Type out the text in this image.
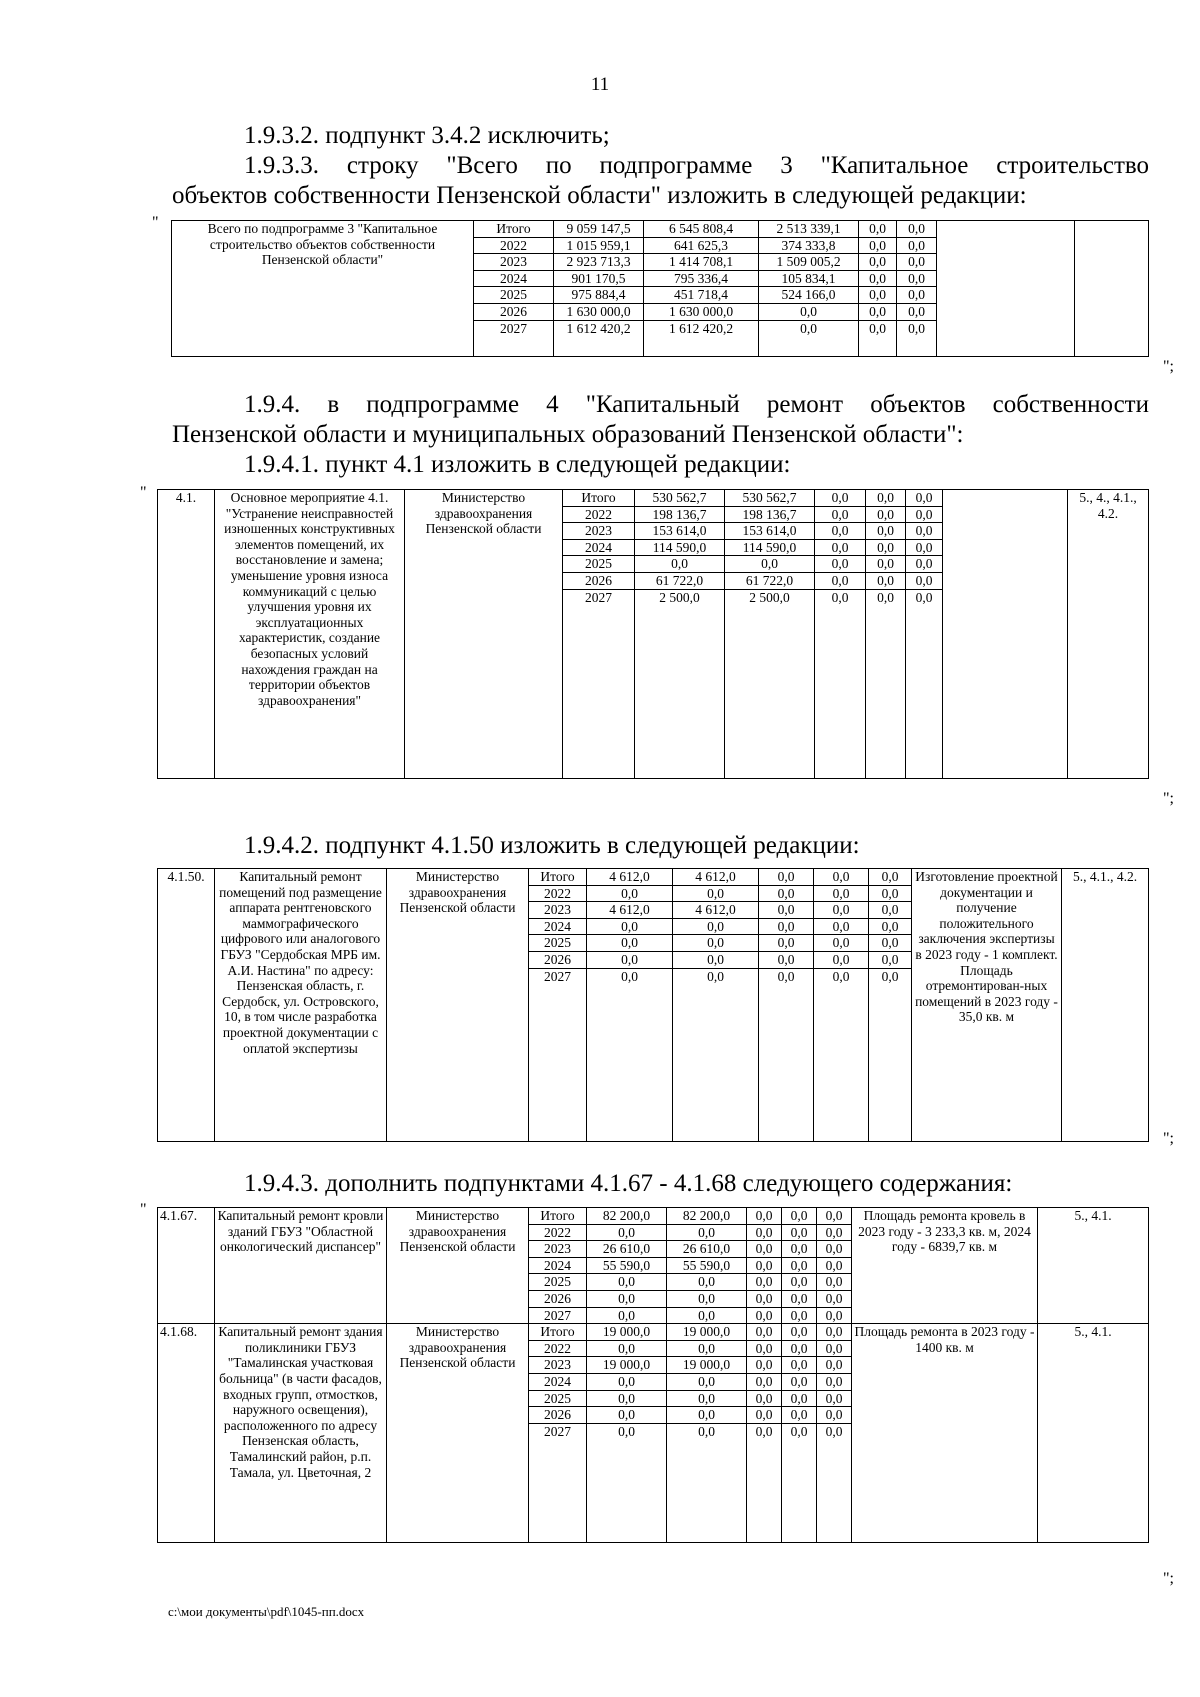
11
1.9.3.2. подпункт 3.4.2 исключить;
1.9.3.3. строку "Всего по подпрограмме 3 "Капитальное строительство
объектов собственности Пензенской области" изложить в следующей редакции:
"	Всего по подпрограмме 3 "Капитальное строительство объектов собственности Пензенской области"	Итого	9 059 147,5	6 545 808,4	2 513 339,1	0,0	0,0		
	2022	1 015 959,1	641 625,3	374 333,8	0,0	0,0		
	2023	2 923 713,3	1 414 708,1	1 509 005,2	0,0	0,0		
	2024	901 170,5	795 336,4	105 834,1	0,0	0,0		
	2025	975 884,4	451 718,4	524 166,0	0,0	0,0		
	2026	1 630 000,0	1 630 000,0	0,0	0,0	0,0		
	2027	1 612 420,2	1 612 420,2	0,0	0,0	0,0		
";
1.9.4. в подпрограмме 4 "Капитальный ремонт объектов собственности
Пензенской области и муниципальных образований Пензенской области":
1.9.4.1. пункт 4.1 изложить в следующей редакции:
" 4.1.	Основное мероприятие 4.1. "Устранение неисправностей изношенных конструктивных элементов помещений, их восстановление и замена; уменьшение уровня износа коммуникаций с целью улучшения уровня их эксплуатационных характеристик, создание безопасных условий нахождения граждан на территории объектов здравоохранения"	Министерство здравоохранения Пензенской области	Итого	530 562,7	530 562,7	0,0	0,0	0,0		5., 4., 4.1., 4.2.
			2022	198 136,7	198 136,7	0,0	0,0	0,0		
			2023	153 614,0	153 614,0	0,0	0,0	0,0		
			2024	114 590,0	114 590,0	0,0	0,0	0,0		
			2025	0,0	0,0	0,0	0,0	0,0		
			2026	61 722,0	61 722,0	0,0	0,0	0,0		
			2027	2 500,0	2 500,0	0,0	0,0	0,0		
";
1.9.4.2. подпункт 4.1.50 изложить в следующей редакции:
4.1.50.	Капитальный ремонт помещений под размещение аппарата рентгеновского маммографического цифрового или аналогового ГБУЗ "Сердобская МРБ им. А.И. Настина" по адресу: Пензенская область, г. Сердобск, ул. Островского, 10, в том числе разработка проектной документации с оплатой экспертизы	Министерство здравоохранения Пензенской области	Итого	4 612,0	4 612,0	0,0	0,0	0,0	Изготовление проектной документации и получение положительного заключения экспертизы в 2023 году - 1 комплект. Площадь отремонтирован-ных помещений в 2023 году - 35,0 кв. м	5., 4.1., 4.2.
			2022	0,0	0,0	0,0	0,0	0,0		
			2023	4 612,0	4 612,0	0,0	0,0	0,0		
			2024	0,0	0,0	0,0	0,0	0,0		
			2025	0,0	0,0	0,0	0,0	0,0		
			2026	0,0	0,0	0,0	0,0	0,0		
			2027	0,0	0,0	0,0	0,0	0,0		
";
1.9.4.3. дополнить подпунктами 4.1.67 - 4.1.68 следующего содержания:
" 4.1.67.	Капитальный ремонт кровли зданий ГБУЗ "Областной онкологический диспансер"	Министерство здравоохранения Пензенской области	Итого	82 200,0	82 200,0	0,0	0,0	0,0	Площадь ремонта кровель в 2023 году - 3 233,3 кв. м, 2024 году - 6839,7 кв. м	5., 4.1.
			2022	0,0	0,0	0,0	0,0	0,0		
			2023	26 610,0	26 610,0	0,0	0,0	0,0		
			2024	55 590,0	55 590,0	0,0	0,0	0,0		
			2025	0,0	0,0	0,0	0,0	0,0		
			2026	0,0	0,0	0,0	0,0	0,0		
			2027	0,0	0,0	0,0	0,0	0,0		
4.1.68.	Капитальный ремонт здания поликлиники ГБУЗ "Тамалинская участковая больница" (в части фасадов, входных групп, отмостков, наружного освещения), расположенного по адресу Пензенская область, Тамалинский район, р.п. Тамала, ул. Цветочная, 2	Министерство здравоохранения Пензенской области	Итого	19 000,0	19 000,0	0,0	0,0	0,0	Площадь ремонта в 2023 году - 1400 кв. м	5., 4.1.
			2022	0,0	0,0	0,0	0,0	0,0		
			2023	19 000,0	19 000,0	0,0	0,0	0,0		
			2024	0,0	0,0	0,0	0,0	0,0		
			2025	0,0	0,0	0,0	0,0	0,0		
			2026	0,0	0,0	0,0	0,0	0,0		
			2027	0,0	0,0	0,0	0,0	0,0		
";
c:\мои документы\pdf\1045-пп.docx
